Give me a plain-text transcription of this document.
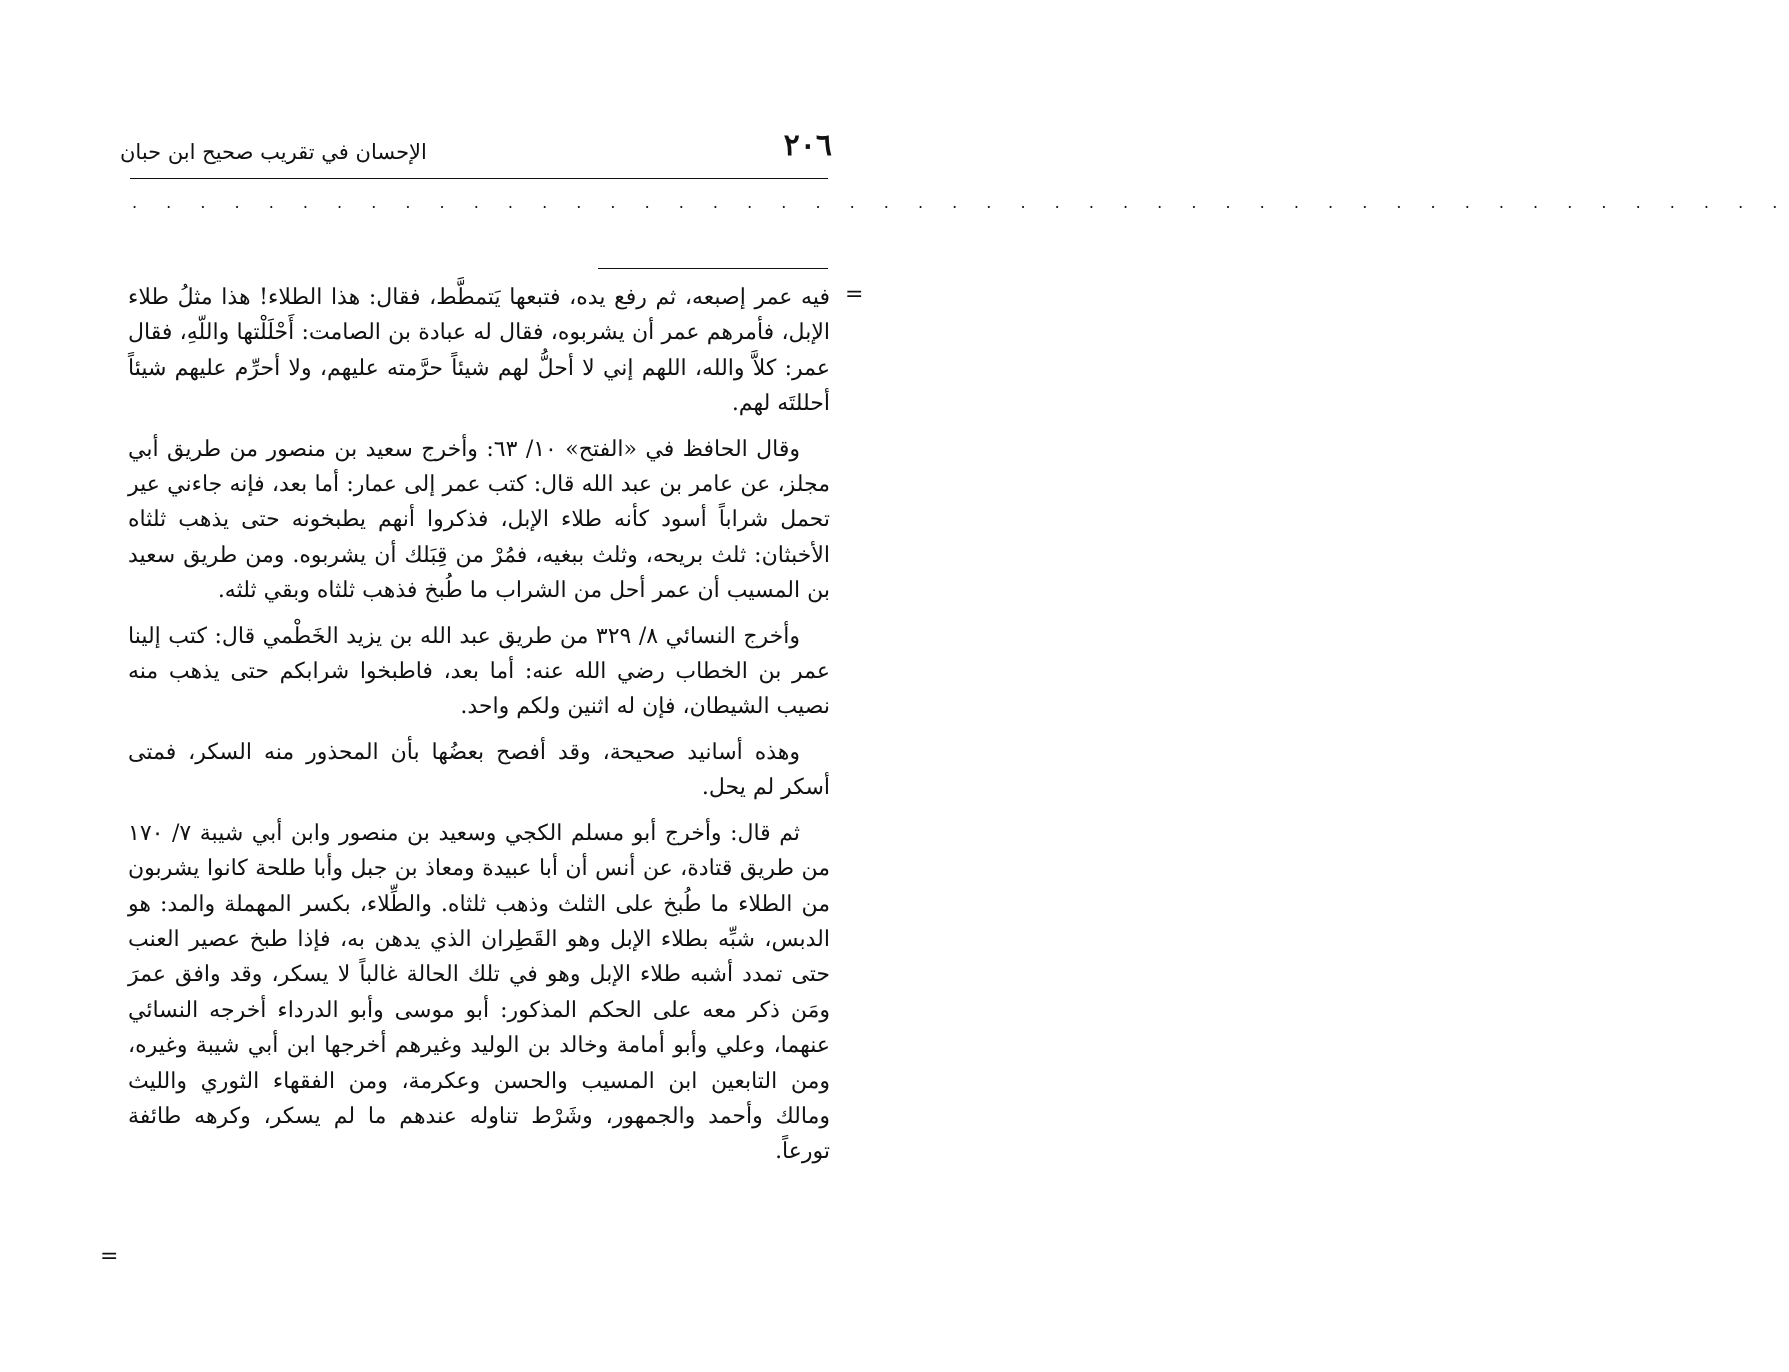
٢٠٦
الإحسان في تقريب صحيح ابن حبان
. . . . . . . . . . . . . . . . . . . . . . . . . . . . . . . . . . . . . . . . . . . . . . . . .
=

فيه عمر إصبعه، ثم رفع يده، فتبعها يَتمطَّط، فقال: هذا الطلاء! هذا مثلُ طلاء الإبل، فأمرهم عمر أن يشربوه، فقال له عبادة بن الصامت: أَحْلَلْتها واللّهِ، فقال عمر: كلاَّ والله، اللهم إني لا أحلُّ لهم شيئاً حرَّمته عليهم، ولا أحرِّم عليهم شيئاً أحللتَه لهم.

وقال الحافظ في «الفتح» ١٠/ ٦٣: وأخرج سعيد بن منصور من طريق أبي مجلز، عن عامر بن عبد الله قال: كتب عمر إلى عمار: أما بعد، فإنه جاءني عير تحمل شراباً أسود كأنه طلاء الإبل، فذكروا أنهم يطبخونه حتى يذهب ثلثاه الأخبثان: ثلث بريحه، وثلث ببغيه، فمُرْ من قِبَلك أن يشربوه. ومن طريق سعيد بن المسيب أن عمر أحل من الشراب ما طُبخ فذهب ثلثاه وبقي ثلثه.

وأخرج النسائي ٨/ ٣٢٩ من طريق عبد الله بن يزيد الخَطْمي قال: كتب إلينا عمر بن الخطاب رضي الله عنه: أما بعد، فاطبخوا شرابكم حتى يذهب منه نصيب الشيطان، فإن له اثنين ولكم واحد.

وهذه أسانيد صحيحة، وقد أفصح بعضُها بأن المحذور منه السكر، فمتى أسكر لم يحل.

ثم قال: وأخرج أبو مسلم الكجي وسعيد بن منصور وابن أبي شيبة ٧/ ١٧٠ من طريق قتادة، عن أنس أن أبا عبيدة ومعاذ بن جبل وأبا طلحة كانوا يشربون من الطلاء ما طُبخ على الثلث وذهب ثلثاه. والطِّلاء، بكسر المهملة والمد: هو الدبس، شبِّه بطلاء الإبل وهو القَطِران الذي يدهن به، فإذا طبخ عصير العنب حتى تمدد أشبه طلاء الإبل وهو في تلك الحالة غالباً لا يسكر، وقد وافق عمرَ ومَن ذكر معه على الحكم المذكور: أبو موسى وأبو الدرداء أخرجه النسائي عنهما، وعلي وأبو أمامة وخالد بن الوليد وغيرهم أخرجها ابن أبي شيبة وغيره، ومن التابعين ابن المسيب والحسن وعكرمة، ومن الفقهاء الثوري والليث ومالك وأحمد والجمهور، وشَرْط تناوله عندهم ما لم يسكر، وكرهه طائفة تورعاً.

=
